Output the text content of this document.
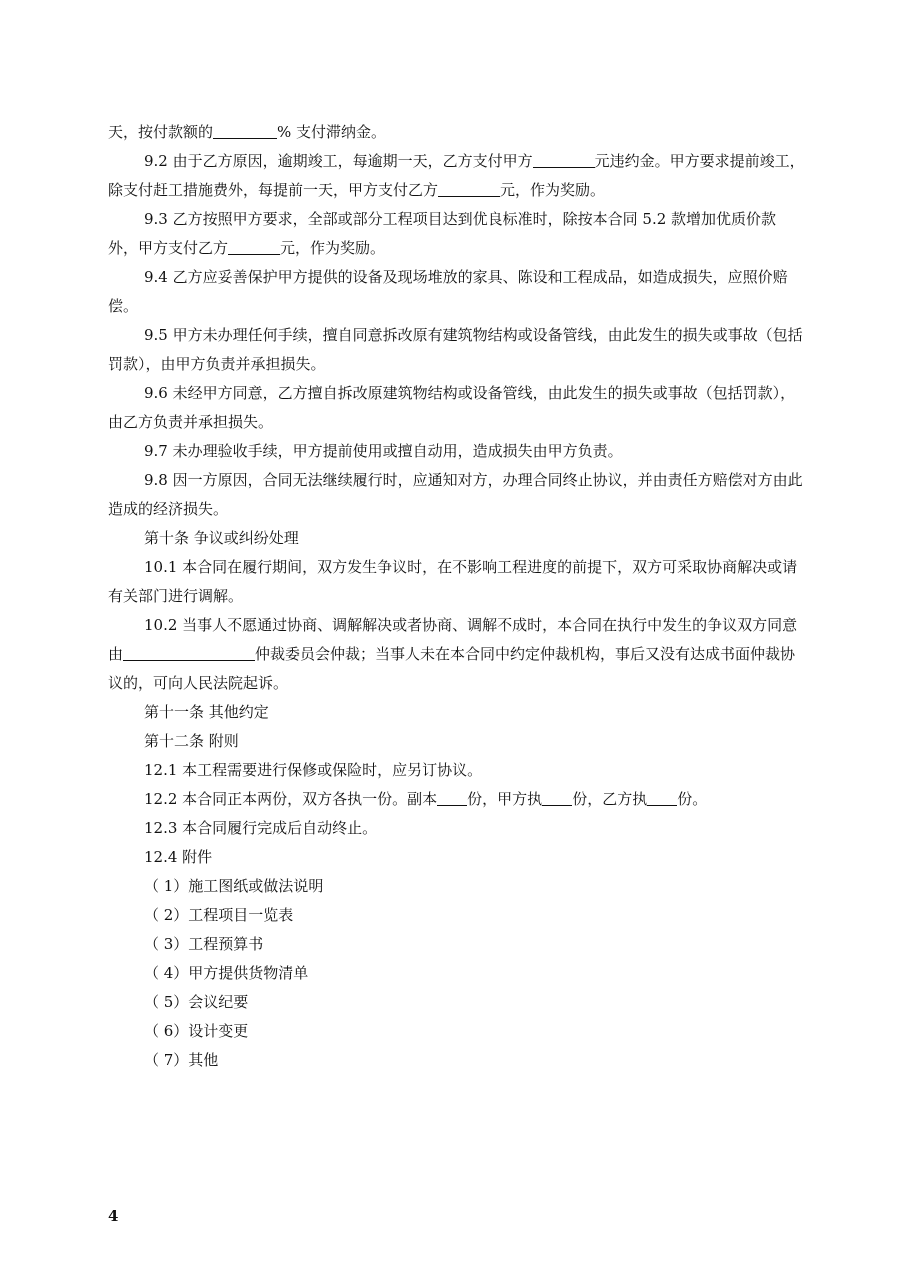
天，按付款额的	% 支付滞纳金。

9.2 由于乙方原因，逾期竣工，每逾期一天，乙方支付甲方	元违约金。甲方要求提前竣工，除支付赶工措施费外，每提前一天，甲方支付乙方	元，作为奖励。

9.3 乙方按照甲方要求，全部或部分工程项目达到优良标准时，除按本合同 5.2 款增加优质价款外，甲方支付乙方	元，作为奖励。

9.4 乙方应妥善保护甲方提供的设备及现场堆放的家具、陈设和工程成品，如造成损失，应照价赔偿。

9.5 甲方未办理任何手续，擅自同意拆改原有建筑物结构或设备管线，由此发生的损失或事故（包括罚款），由甲方负责并承担损失。

9.6 未经甲方同意，乙方擅自拆改原建筑物结构或设备管线，由此发生的损失或事故（包括罚款），由乙方负责并承担损失。

9.7 未办理验收手续，甲方提前使用或擅自动用，造成损失由甲方负责。

9.8 因一方原因，合同无法继续履行时，应通知对方，办理合同终止协议，并由责任方赔偿对方由此造成的经济损失。

第十条 争议或纠纷处理

10.1 本合同在履行期间，双方发生争议时，在不影响工程进度的前提下，双方可采取协商解决或请有关部门进行调解。

10.2 当事人不愿通过协商、调解解决或者协商、调解不成时，本合同在执行中发生的争议双方同意由	仲裁委员会仲裁；当事人未在本合同中约定仲裁机构，事后又没有达成书面仲裁协议的，可向人民法院起诉。

第十一条 其他约定

第十二条 附则

12.1 本工程需要进行保修或保险时，应另订协议。

12.2 本合同正本两份，双方各执一份。副本 份，甲方执 份，乙方执 份。

12.3 本合同履行完成后自动终止。

12.4 附件

（ 1）施工图纸或做法说明

（ 2）工程项目一览表

（ 3）工程预算书

（ 4）甲方提供货物清单

（ 5）会议纪要

（ 6）设计变更

（ 7）其他

4
